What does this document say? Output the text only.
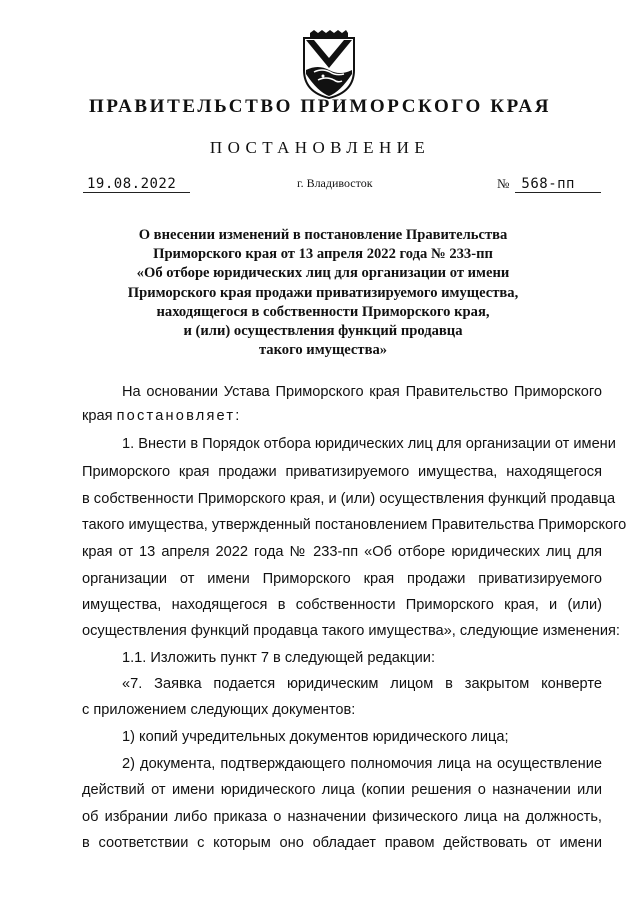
ПРАВИТЕЛЬСТВО ПРИМОРСКОГО КРАЯ
ПОСТАНОВЛЕНИЕ
19.08.2022	г. Владивосток	№ 568-пп
О внесении изменений в постановление Правительства
Приморского края от 13 апреля 2022 года № 233-пп
«Об отборе юридических лиц для организации от имени
Приморского края продажи приватизируемого имущества,
находящегося в собственности Приморского края,
и (или) осуществления функций продавца
такого имущества»
На основании Устава Приморского края Правительство Приморского
края постановляет:
1. Внести в Порядок отбора юридических лиц для организации от имени
Приморского края продажи приватизируемого имущества, находящегося
в собственности Приморского края, и (или) осуществления функций продавца
такого имущества, утвержденный постановлением Правительства Приморского
края от 13 апреля 2022 года № 233-пп «Об отборе юридических лиц для
организации от имени Приморского края продажи приватизируемого
имущества, находящегося в собственности Приморского края, и (или)
осуществления функций продавца такого имущества», следующие изменения:
1.1. Изложить пункт 7 в следующей редакции:
«7. Заявка подается юридическим лицом в закрытом конверте
с приложением следующих документов:
1) копий учредительных документов юридического лица;
2) документа, подтверждающего полномочия лица на осуществление
действий от имени юридического лица (копии решения о назначении или
об избрании либо приказа о назначении физического лица на должность,
в соответствии с которым оно обладает правом действовать от имени
